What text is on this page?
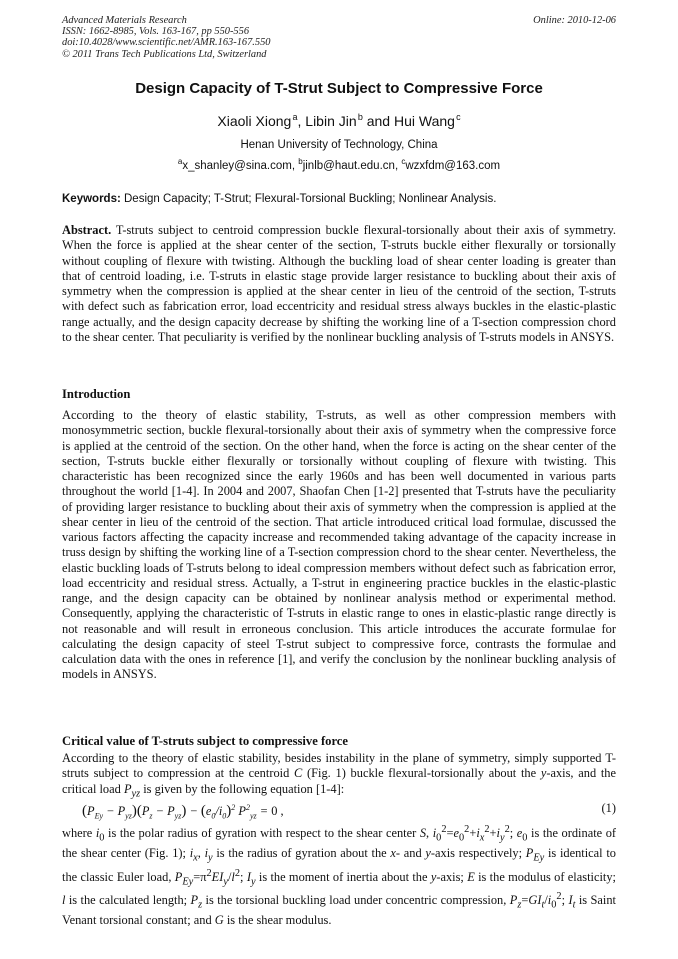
Advanced Materials Research
ISSN: 1662-8985, Vols. 163-167, pp 550-556
doi:10.4028/www.scientific.net/AMR.163-167.550
© 2011 Trans Tech Publications Ltd, Switzerland
Online: 2010-12-06
Design Capacity of T-Strut Subject to Compressive Force
Xiaoli Xiong $^a$, Libin Jin $^b$ and Hui Wang $^c$
Henan University of Technology, China
$^a$x_shanley@sina.com, $^b$jinlb@haut.edu.cn, $^c$wzxfdm@163.com
Keywords: Design Capacity; T-Strut; Flexural-Torsional Buckling; Nonlinear Analysis.
Abstract. T-struts subject to centroid compression buckle flexural-torsionally about their axis of symmetry. When the force is applied at the shear center of the section, T-struts buckle either flexurally or torsionally without coupling of flexure with twisting. Although the buckling load of shear center loading is greater than that of centroid loading, i.e. T-struts in elastic stage provide larger resistance to buckling about their axis of symmetry when the compression is applied at the shear center in lieu of the centroid of the section, T-struts with defect such as fabrication error, load eccentricity and residual stress always buckles in the elastic-plastic range actually, and the design capacity decrease by shifting the working line of a T-section compression chord to the shear center. That peculiarity is verified by the nonlinear buckling analysis of T-struts models in ANSYS.
Introduction
According to the theory of elastic stability, T-struts, as well as other compression members with monosymmetric section, buckle flexural-torsionally about their axis of symmetry when the compressive force is applied at the centroid of the section. On the other hand, when the force is acting on the shear center of the section, T-struts buckle either flexurally or torsionally without coupling of flexure with twisting. This characteristic has been recognized since the early 1960s and has been well documented in various parts throughout the world [1-4]. In 2004 and 2007, Shaofan Chen [1-2] presented that T-struts have the peculiarity of providing larger resistance to buckling about their axis of symmetry when the compression is applied at the shear center in lieu of the centroid of the section. That article introduced critical load formulae, discussed the various factors affecting the capacity increase and recommended taking advantage of the capacity increase in truss design by shifting the working line of a T-section compression chord to the shear center. Nevertheless, the elastic buckling loads of T-struts belong to ideal compression members without defect such as fabrication error, load eccentricity and residual stress. Actually, a T-strut in engineering practice buckles in the elastic-plastic range, and the design capacity can be obtained by nonlinear analysis method or experimental method. Consequently, applying the characteristic of T-struts in elastic range to ones in elastic-plastic range directly is not reasonable and will result in erroneous conclusion. This article introduces the accurate formulae for calculating the design capacity of steel T-strut subject to compressive force, contrasts the formulae and calculation data with the ones in reference [1], and verify the conclusion by the nonlinear buckling analysis of models in ANSYS.
Critical value of T-struts subject to compressive force
According to the theory of elastic stability, besides instability in the plane of symmetry, simply supported T-struts subject to compression at the centroid C (Fig. 1) buckle flexural-torsionally about the y-axis, and the critical load $P_{yz}$ is given by the following equation [1-4]:
$(P_{Ey} - P_{yz})(P_z - P_{yz}) - (e_0/i_0)^2$ $P^2_{yz} = 0$ ,	(1)
where $i_0$ is the polar radius of gyration with respect to the shear center S, $i_0^2=e_0^2+i_x^2+i_y^2$; $e_0$ is the ordinate of the shear center (Fig. 1); $i_x$, $i_y$ is the radius of gyration about the x- and y-axis respectively; $P_{Ey}$ is identical to the classic Euler load, $P_{Ey}=\pi^2EI_y/l^2$; $I_y$ is the moment of inertia about the y-axis; E is the modulus of elasticity; l is the calculated length; $P_z$ is the torsional buckling load under concentric compression, $P_z=GI_t/i_0^2$; $I_t$ is Saint Venant torsional constant; and G is the shear modulus.
